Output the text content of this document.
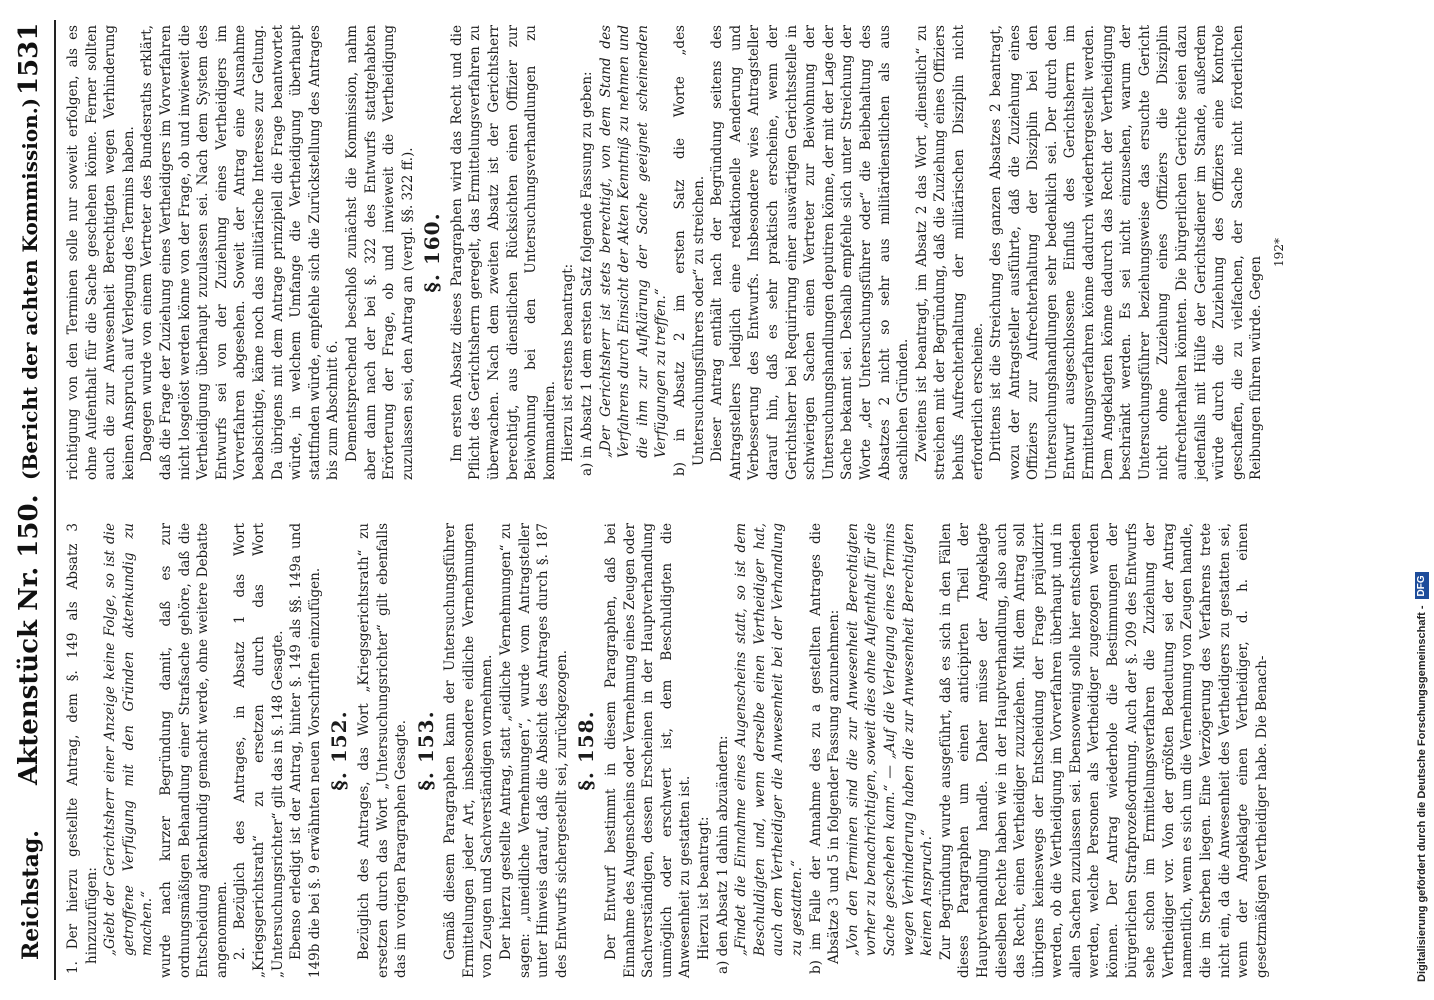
Reichstag.
Aktenstück Nr. 150.
(Bericht der achten Kommission.)
1531

1. Der hierzu gestellte Antrag, dem §. 149 als Absatz 3 hinzuzufügen: „Giebt der Gerichtsherr einer Anzeige keine Folge, so ist die getroffene Verfügung mit den Gründen aktenkundig zu machen.“ wurde nach kurzer Begründung damit, daß es zur ordnungsmäßigen Behandlung einer Strafsache gehöre, daß die Entscheidung aktenkundig gemacht werde, ohne weitere Debatte angenommen. 2. Bezüglich des Antrages, in Absatz 1 das Wort „Kriegsgerichtsrath“ zu ersetzen durch das Wort „Untersuchungsrichter“ gilt das in §. 148 Gesagte. Ebenso erledigt ist der Antrag, hinter §. 149 als §§. 149a und 149b die bei §. 9 erwähnten neuen Vorschriften einzufügen. §. 152. Bezüglich des Antrages, das Wort „Kriegsgerichtsrath“ zu ersetzen durch das Wort „Untersuchungsrichter“ gilt ebenfalls das im vorigen Paragraphen Gesagte. §. 153. Gemäß diesem Paragraphen kann der Untersuchungsführer Ermittelungen jeder Art, insbesondere eidliche Vernehmungen von Zeugen und Sachverständigen vornehmen. Der hierzu gestellte Antrag, statt „eidliche Vernehmungen“ zu sagen: „uneidliche Vernehmungen“, wurde vom Antragsteller unter Hinweis darauf, daß die Absicht des Antrages durch §. 187 des Entwurfs sichergestellt sei, zurückgezogen. §. 158. Der Entwurf bestimmt in diesem Paragraphen, daß bei Einnahme des Augenscheins oder Vernehmung eines Zeugen oder Sachverständigen, dessen Erscheinen in der Hauptverhandlung unmöglich oder erschwert ist, dem Beschuldigten die Anwesenheit zu gestatten ist. Hierzu ist beantragt: a) den Absatz 1 dahin abzuändern: „Findet die Einnahme eines Augenscheins statt, so ist dem Beschuldigten und, wenn derselbe einen Vertheidiger hat, auch dem Vertheidiger die Anwesenheit bei der Verhandlung zu gestatten.“ b) im Falle der Annahme des zu a gestellten Antrages die Absätze 3 und 5 in folgender Fassung anzunehmen: „Von den Terminen sind die zur Anwesenheit Berechtigten vorher zu benachrichtigen, soweit dies ohne Aufenthalt für die Sache geschehen kann.“ — „Auf die Verlegung eines Termins wegen Verhinderung haben die zur Anwesenheit Berechtigten keinen Anspruch.“ Zur Begründung wurde ausgeführt, daß es sich in den Fällen dieses Paragraphen um einen anticipirten Theil der Hauptverhandlung handle. Daher müsse der Angeklagte dieselben Rechte haben wie in der Hauptverhandlung, also auch das Recht, einen Vertheidiger zuzuziehen. Mit dem Antrag soll übrigens keineswegs der Entscheidung der Frage präjudizirt werden, ob die Vertheidigung im Vorverfahren überhaupt und in allen Sachen zuzulassen sei. Ebensowenig solle hier entschieden werden, welche Personen als Vertheidiger zugezogen werden können. Der Antrag wiederhole die Bestimmungen der bürgerlichen Strafprozeßordnung. Auch der §. 209 des Entwurfs sehe schon im Ermittelungsverfahren die Zuziehung der Vertheidiger vor. Von der größten Bedeutung sei der Antrag namentlich, wenn es sich um die Vernehmung von Zeugen handle, die im Sterben liegen. Eine Verzögerung des Verfahrens trete nicht ein, da die Anwesenheit des Vertheidigers zu gestatten sei, wenn der Angeklagte einen Vertheidiger, d. h. einen gesetzmäßigen Vertheidiger habe. Die Benach-

richtigung von den Terminen solle nur soweit erfolgen, als es ohne Aufenthalt für die Sache geschehen könne. Ferner sollten auch die zur Anwesenheit Berechtigten wegen Verhinderung keinen Anspruch auf Verlegung des Termins haben. Dagegen wurde von einem Vertreter des Bundesraths erklärt, daß die Frage der Zuziehung eines Vertheidigers im Vorverfahren nicht losgelöst werden könne von der Frage, ob und inwieweit die Vertheidigung überhaupt zuzulassen sei. Nach dem System des Entwurfs sei von der Zuziehung eines Vertheidigers im Vorverfahren abgesehen. Soweit der Antrag eine Ausnahme beabsichtige, käme noch das militärische Interesse zur Geltung. Da übrigens mit dem Antrage prinzipiell die Frage beantwortet würde, in welchem Umfange die Vertheidigung überhaupt stattfinden würde, empfehle sich die Zurückstellung des Antrages bis zum Abschnitt 6. Dementsprechend beschloß zunächst die Kommission, nahm aber dann nach der bei §. 322 des Entwurfs stattgehabten Erörterung der Frage, ob und inwieweit die Vertheidigung zuzulassen sei, den Antrag an (vergl. §§. 322 ff.). §. 160. Im ersten Absatz dieses Paragraphen wird das Recht und die Pflicht des Gerichtsherrn geregelt, das Ermittelungsverfahren zu überwachen. Nach dem zweiten Absatz ist der Gerichtsherr berechtigt, aus dienstlichen Rücksichten einen Offizier zur Beiwohnung bei den Untersuchungsverhandlungen zu kommandiren. Hierzu ist erstens beantragt: a) in Absatz 1 dem ersten Satz folgende Fassung zu geben: „Der Gerichtsherr ist stets berechtigt, von dem Stand des Verfahrens durch Einsicht der Akten Kenntniß zu nehmen und die ihm zur Aufklärung der Sache geeignet scheinenden Verfügungen zu treffen.“ b) in Absatz 2 im ersten Satz die Worte „des Untersuchungsführers oder“ zu streichen. Dieser Antrag enthält nach der Begründung seitens des Antragstellers lediglich eine redaktionelle Aenderung und Verbesserung des Entwurfs. Insbesondere wies Antragsteller darauf hin, daß es sehr praktisch erscheine, wenn der Gerichtsherr bei Requirirung einer auswärtigen Gerichtsstelle in schwierigen Sachen einen Vertreter zur Beiwohnung der Untersuchungshandlungen deputiren könne, der mit der Lage der Sache bekannt sei. Deshalb empfehle sich unter Streichung der Worte „der Untersuchungsführer oder“ die Beibehaltung des Absatzes 2 nicht so sehr aus militärdienstlichen als aus sachlichen Gründen. Zweitens ist beantragt, im Absatz 2 das Wort „dienstlich“ zu streichen mit der Begründung, daß die Zuziehung eines Offiziers behufs Aufrechterhaltung der militärischen Disziplin nicht erforderlich erscheine. Drittens ist die Streichung des ganzen Absatzes 2 beantragt, wozu der Antragsteller ausführte, daß die Zuziehung eines Offiziers zur Aufrechterhaltung der Disziplin bei den Untersuchungshandlungen sehr bedenklich sei. Der durch den Entwurf ausgeschlossene Einfluß des Gerichtsherrn im Ermittelungsverfahren könne dadurch wiederhergestellt werden. Dem Angeklagten könne dadurch das Recht der Vertheidigung beschränkt werden. Es sei nicht einzusehen, warum der Untersuchungsführer beziehungsweise das ersuchte Gericht nicht ohne Zuziehung eines Offiziers die Disziplin aufrechterhalten könnten. Die bürgerlichen Gerichte seien dazu jedenfalls mit Hülfe der Gerichtsdiener im Stande, außerdem würde durch die Zuziehung des Offiziers eine Kontrole geschaffen, die zu vielfachen, der Sache nicht förderlichen Reibungen führen würde. Gegen

192*

Digitalisierung gefördert durch die Deutsche Forschungsgemeinschaft -DFG
